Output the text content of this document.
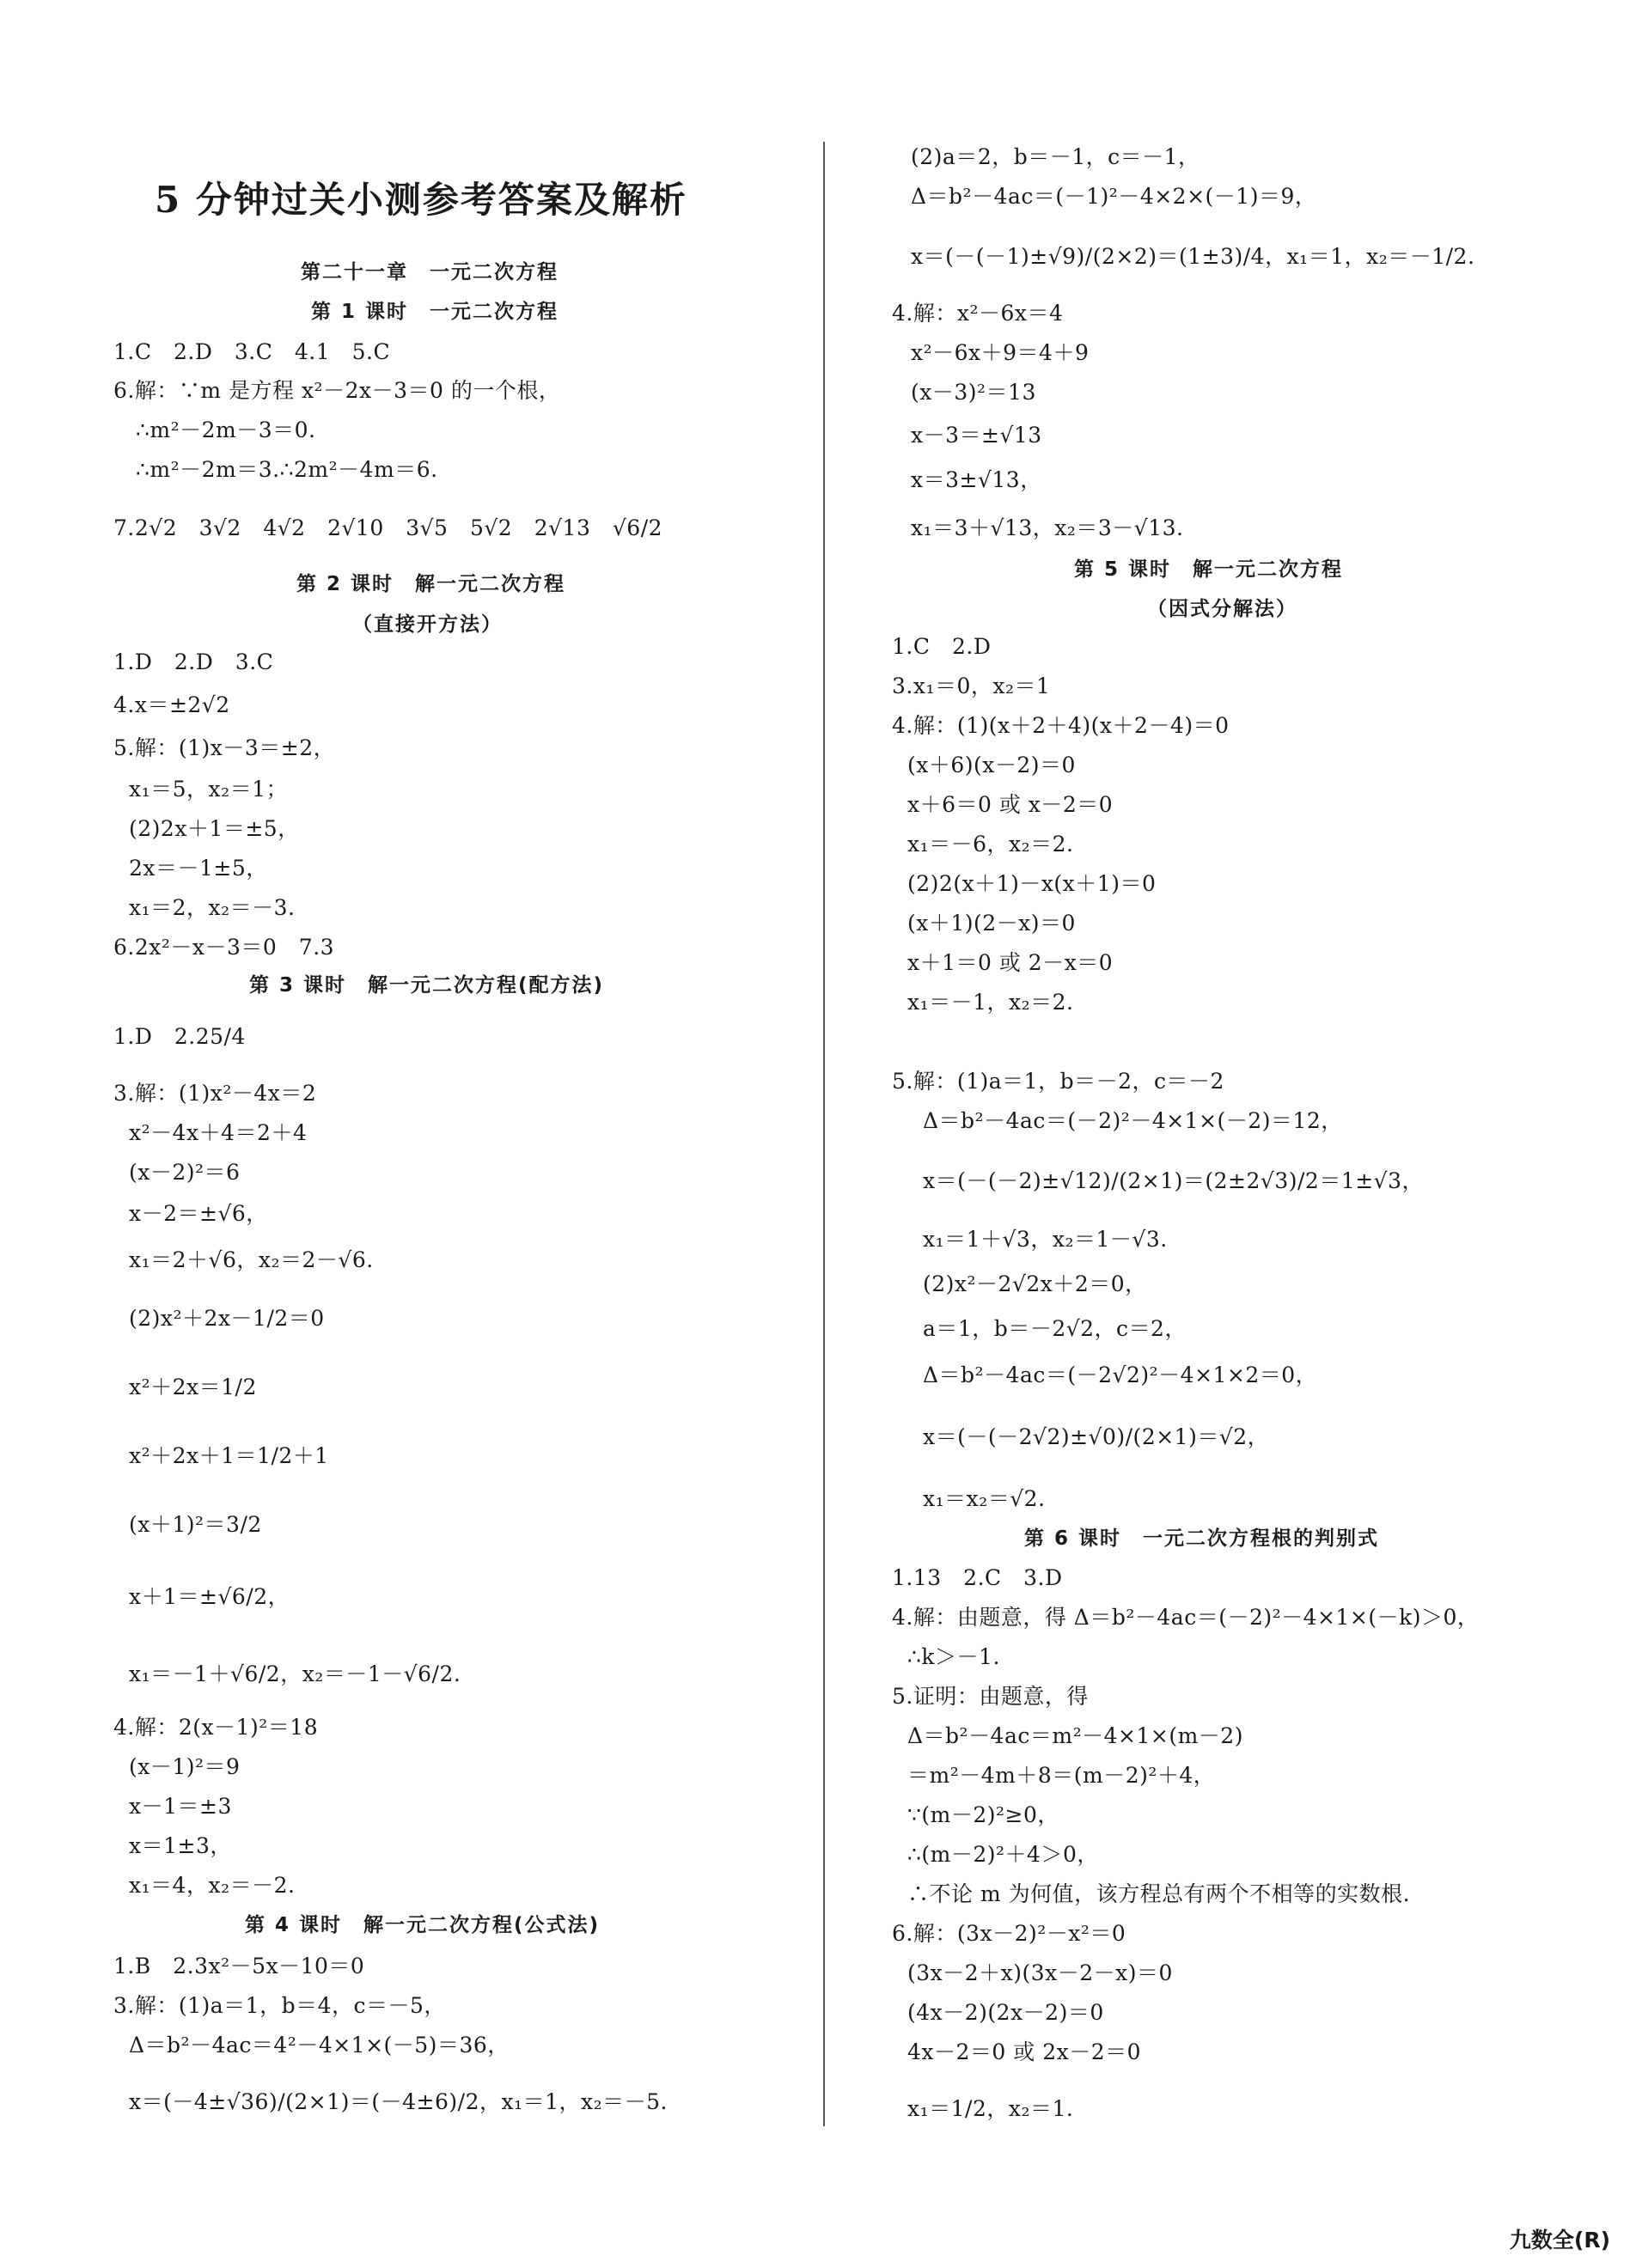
5 分钟过关小测参考答案及解析
第二十一章　一元二次方程
第 1 课时　一元二次方程
1.C　2.D　3.C　4.1　5.C
6.解：∵m 是方程 x²－2x－3＝0 的一个根，
∴m²－2m－3＝0.
∴m²－2m＝3.∴2m²－4m＝6.
7.2√2　3√2　4√2　2√10　3√5　5√2　2√13　√6/2
第 2 课时　解一元二次方程
（直接开方法）
1.D　2.D　3.C
4.x＝±2√2
5.解：(1)x－3＝±2，
x₁＝5，x₂＝1；
(2)2x＋1＝±5，
2x＝－1±5，
x₁＝2，x₂＝－3.
6.2x²－x－3＝0　7.3
第 3 课时　解一元二次方程(配方法)
1.D　2.25/4
3.解：(1)x²－4x＝2
x²－4x＋4＝2＋4
(x－2)²＝6
x－2＝±√6，
x₁＝2＋√6，x₂＝2－√6.
(2)x²＋2x－1/2＝0
x²＋2x＝1/2
x²＋2x＋1＝1/2＋1
(x＋1)²＝3/2
x＋1＝±√6/2，
x₁＝－1＋√6/2，x₂＝－1－√6/2.
4.解：2(x－1)²＝18
(x－1)²＝9
x－1＝±3
x＝1±3，
x₁＝4，x₂＝－2.
第 4 课时　解一元二次方程(公式法)
1.B　2.3x²－5x－10＝0
3.解：(1)a＝1，b＝4，c＝－5，
Δ＝b²－4ac＝4²－4×1×(－5)＝36，
x＝(－4±√36)/(2×1)＝(－4±6)/2，x₁＝1，x₂＝－5.
(2)a＝2，b＝－1，c＝－1，
Δ＝b²－4ac＝(－1)²－4×2×(－1)＝9，
x＝(－(－1)±√9)/(2×2)＝(1±3)/4，x₁＝1，x₂＝－1/2.
4.解：x²－6x＝4
x²－6x＋9＝4＋9
(x－3)²＝13
x－3＝±√13
x＝3±√13，
x₁＝3＋√13，x₂＝3－√13.
第 5 课时　解一元二次方程
（因式分解法）
1.C　2.D
3.x₁＝0，x₂＝1
4.解：(1)(x＋2＋4)(x＋2－4)＝0
(x＋6)(x－2)＝0
x＋6＝0 或 x－2＝0
x₁＝－6，x₂＝2.
(2)2(x＋1)－x(x＋1)＝0
(x＋1)(2－x)＝0
x＋1＝0 或 2－x＝0
x₁＝－1，x₂＝2.
5.解：(1)a＝1，b＝－2，c＝－2
Δ＝b²－4ac＝(－2)²－4×1×(－2)＝12，
x＝(－(－2)±√12)/(2×1)＝(2±2√3)/2＝1±√3，
x₁＝1＋√3，x₂＝1－√3.
(2)x²－2√2x＋2＝0，
a＝1，b＝－2√2，c＝2，
Δ＝b²－4ac＝(－2√2)²－4×1×2＝0，
x＝(－(－2√2)±√0)/(2×1)＝√2，
x₁＝x₂＝√2.
第 6 课时　一元二次方程根的判别式
1.13　2.C　3.D
4.解：由题意，得 Δ＝b²－4ac＝(－2)²－4×1×(－k)＞0，
∴k＞－1.
5.证明：由题意，得
Δ＝b²－4ac＝m²－4×1×(m－2)
＝m²－4m＋8＝(m－2)²＋4，
∵(m－2)²≥0，
∴(m－2)²＋4＞0，
∴不论 m 为何值，该方程总有两个不相等的实数根.
6.解：(3x－2)²－x²＝0
(3x－2＋x)(3x－2－x)＝0
(4x－2)(2x－2)＝0
4x－2＝0 或 2x－2＝0
x₁＝1/2，x₂＝1.
九数全(R)
